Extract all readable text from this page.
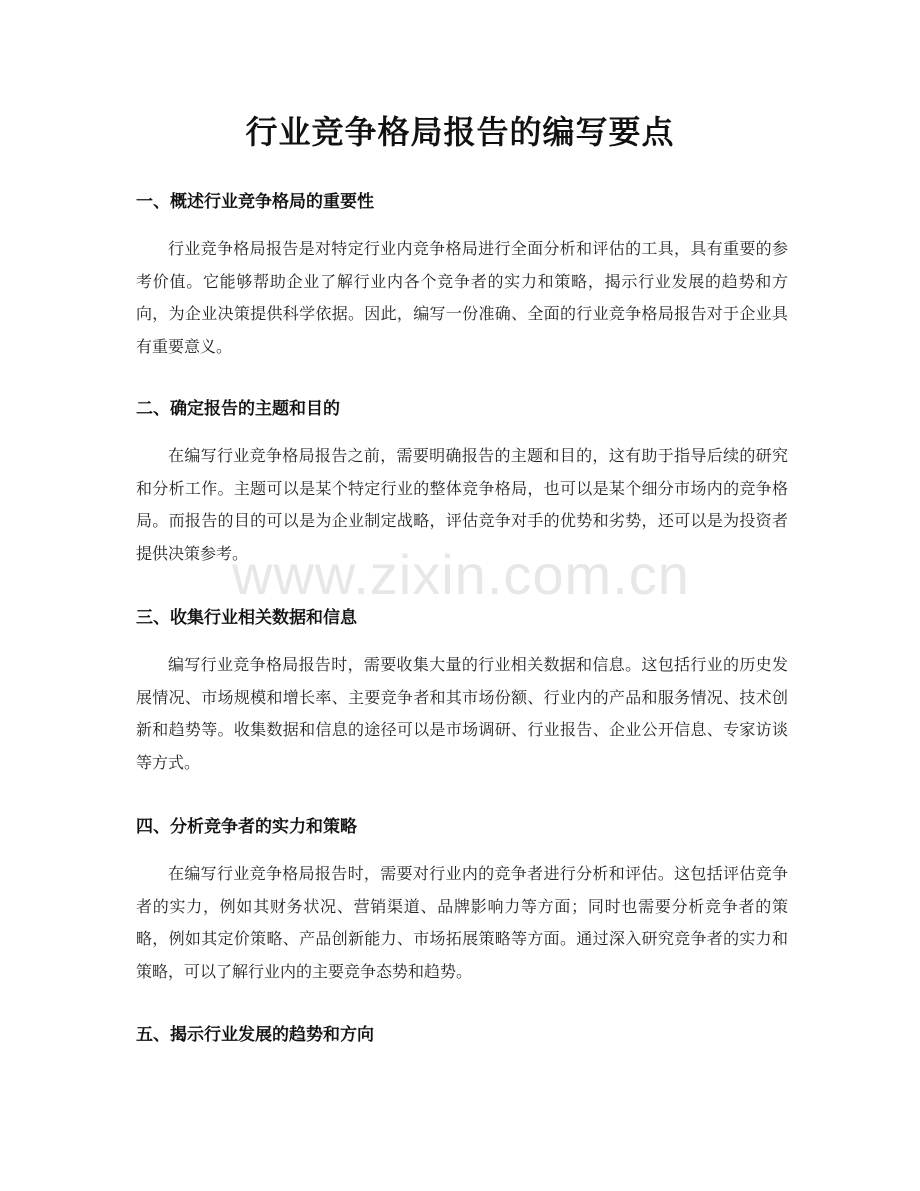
行业竞争格局报告的编写要点
一、概述行业竞争格局的重要性
行业竞争格局报告是对特定行业内竞争格局进行全面分析和评估的工具，具有重要的参考价值。它能够帮助企业了解行业内各个竞争者的实力和策略，揭示行业发展的趋势和方向，为企业决策提供科学依据。因此，编写一份准确、全面的行业竞争格局报告对于企业具有重要意义。
二、确定报告的主题和目的
在编写行业竞争格局报告之前，需要明确报告的主题和目的，这有助于指导后续的研究和分析工作。主题可以是某个特定行业的整体竞争格局，也可以是某个细分市场内的竞争格局。而报告的目的可以是为企业制定战略，评估竞争对手的优势和劣势，还可以是为投资者提供决策参考。
三、收集行业相关数据和信息
编写行业竞争格局报告时，需要收集大量的行业相关数据和信息。这包括行业的历史发展情况、市场规模和增长率、主要竞争者和其市场份额、行业内的产品和服务情况、技术创新和趋势等。收集数据和信息的途径可以是市场调研、行业报告、企业公开信息、专家访谈等方式。
四、分析竞争者的实力和策略
在编写行业竞争格局报告时，需要对行业内的竞争者进行分析和评估。这包括评估竞争者的实力，例如其财务状况、营销渠道、品牌影响力等方面；同时也需要分析竞争者的策略，例如其定价策略、产品创新能力、市场拓展策略等方面。通过深入研究竞争者的实力和策略，可以了解行业内的主要竞争态势和趋势。
五、揭示行业发展的趋势和方向
www.zixin.com.cn
